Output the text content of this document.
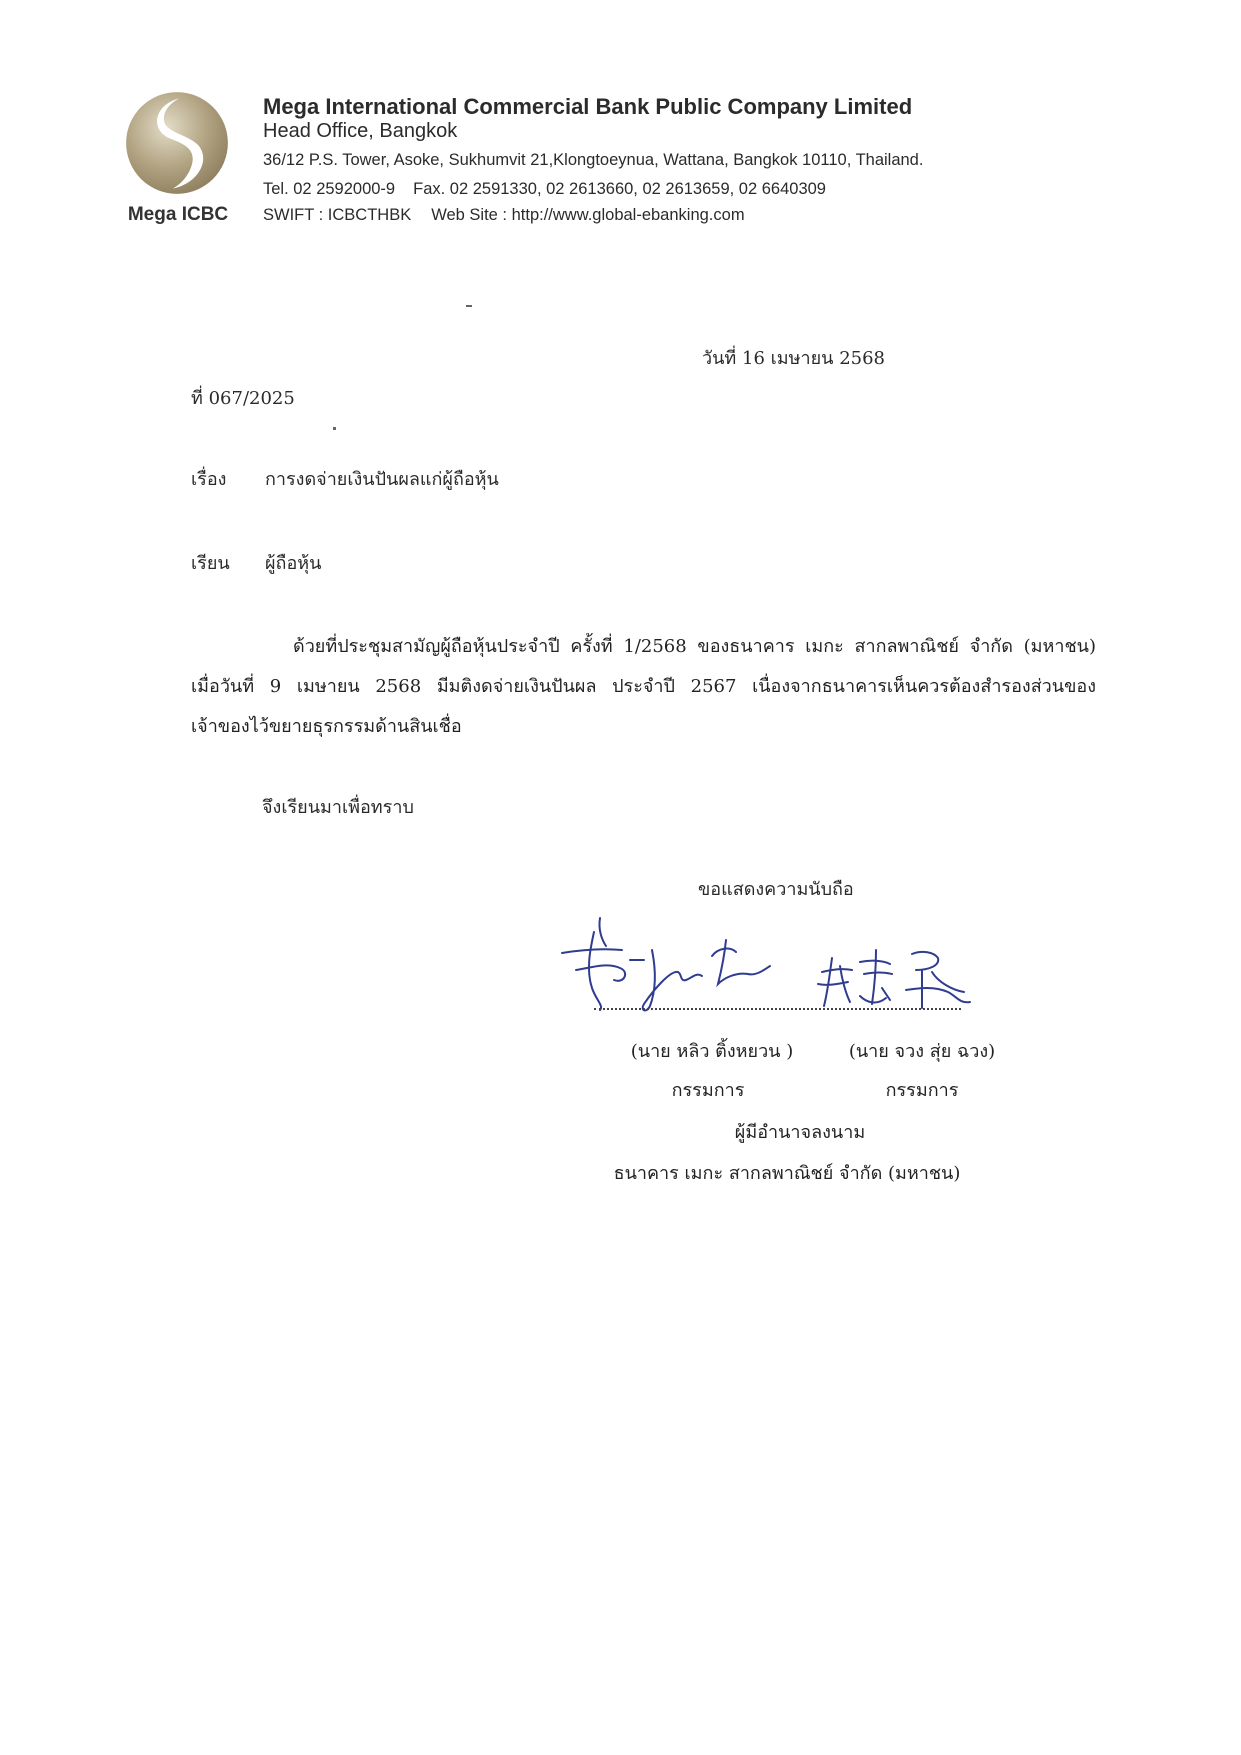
Mega ICBC
Mega International Commercial Bank Public Company Limited
Head Office, Bangkok
36/12 P.S. Tower, Asoke, Sukhumvit 21,Klongtoeynua, Wattana, Bangkok 10110, Thailand.
Tel. 02 2592000-9 Fax. 02 2591330, 02 2613660, 02 2613659, 02 6640309
SWIFT : ICBCTHBK Web Site : http://www.global-ebanking.com
วันที่ 16 เมษายน 2568
ที่ 067/2025
เรื่อง การงดจ่ายเงินปันผลแก่ผู้ถือหุ้น
เรียน ผู้ถือหุ้น
ด้วยที่ประชุมสามัญผู้ถือหุ้นประจำปี ครั้งที่ 1/2568 ของธนาคาร เมกะ สากลพาณิชย์ จำกัด (มหาชน)
เมื่อวันที่ 9 เมษายน 2568 มีมติงดจ่ายเงินปันผล ประจำปี 2567 เนื่องจากธนาคารเห็นควรต้องสำรองส่วนของ
เจ้าของไว้ขยายธุรกรรมด้านสินเชื่อ
จึงเรียนมาเพื่อทราบ
ขอแสดงความนับถือ
(นาย หลิว ติ้งหยวน )	(นาย จวง สุ่ย ฉวง)
กรรมการ	กรรมการ
ผู้มีอำนาจลงนาม
ธนาคาร เมกะ สากลพาณิชย์ จำกัด (มหาชน)
